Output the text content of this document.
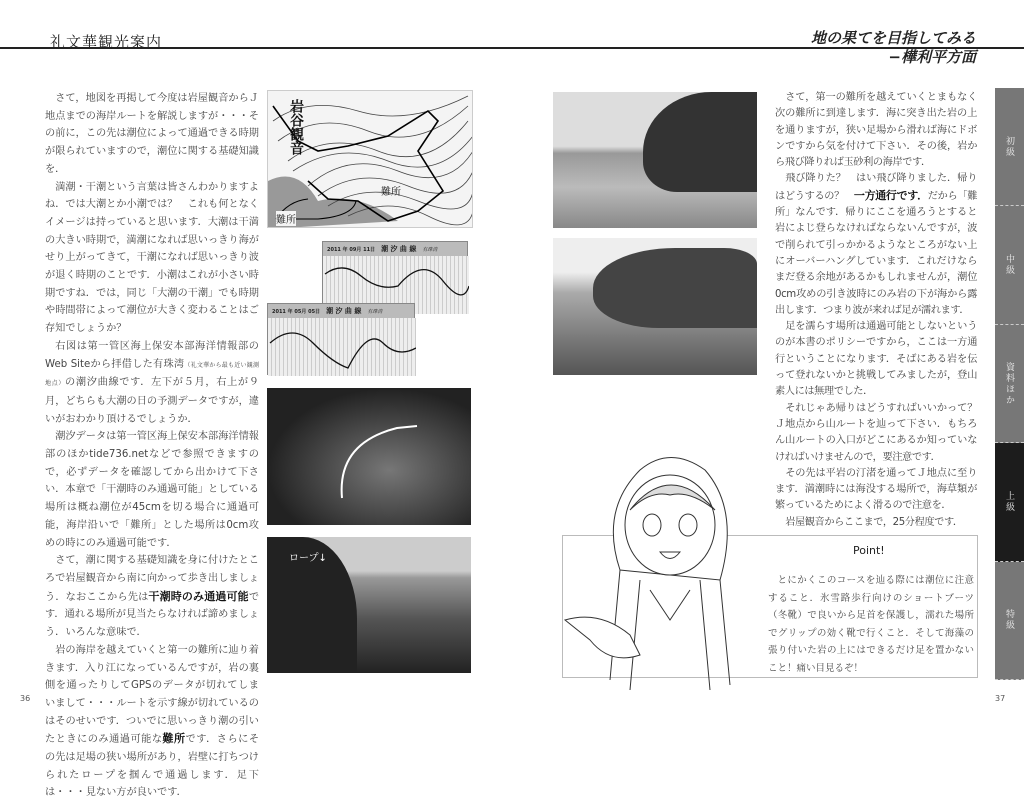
礼文華観光案内	地の果てを目指してみる
−樺利平方面

さて，地図を再掲して今度は岩屋観音からＪ地点までの海岸ルートを解説しますが・・・その前に，この先は潮位によって通過できる時期が限られていますので，潮位に関する基礎知識を．

満潮・干潮という言葉は皆さんわかりますよね．では大潮とか小潮では？　これも何となくイメージは持っていると思います．大潮は干満の大きい時期で，満潮になれば思いっきり海がせり上がってきて，干潮になれば思いっきり波が退く時期のことです．小潮はこれが小さい時期ですね．では，同じ「大潮の干潮」でも時期や時間帯によって潮位が大きく変わることはご存知でしょうか？

右図は第一管区海上保安本部海洋情報部のWeb Siteから拝借した有珠湾（礼文華から最も近い観測地点）の潮汐曲線です．左下が５月，右上が９月，どちらも大潮の日の予測データですが，違いがおわかり頂けるでしょうか．

潮汐データは第一管区海上保安本部海洋情報部のほかtide736.netなどで参照できますので，必ずデータを確認してから出かけて下さい．本章で「干潮時のみ通過可能」としている場所は概ね潮位が45cmを切る場合に通過可能，海岸沿いで「難所」とした場所は0cm攻めの時にのみ通過可能です．

さて，潮に関する基礎知識を身に付けたところで岩屋観音から南に向かって歩き出しましょう．なおここから先は干潮時のみ通過可能です．通れる場所が見当たらなければ諦めましょう．いろんな意味で．

岩の海岸を越えていくと第一の難所に辿り着きます．入り江になっているんですが，岩の裏側を通ったりしてGPSのデータが切れてしまいまして・・・ルートを示す線が切れているのはそのせいです．ついでに思いっきり潮の引いたときにのみ通過可能な難所です．さらにその先は足場の狭い場所があり，岩壁に打ちつけられたロープを掴んで通過します．足下は・・・見ない方が良いです．

さて，第一の難所を越えていくとまもなく次の難所に到達します．海に突き出た岩の上を通りますが，狭い足場から滑れば海にドボンですから気を付けて下さい．その後，岩から飛び降りれば玉砂利の海岸です．

飛び降りた？　はい飛び降りました．帰りはどうするの？　一方通行です．だから「難所」なんです．帰りにここを通ろうとすると岩によじ登らなければならないんですが，波で削られて引っかかるようなところがない上にオーバーハングしています．これだけならまだ登る余地があるかもしれませんが，潮位0cm攻めの引き波時にのみ岩の下が海から露出します．つまり波が来れば足が濡れます．

足を濡らす場所は通過可能としないというのが本書のポリシーですから，ここは一方通行ということになります．そばにある岩を伝って登れないかと挑戦してみましたが，登山素人には無理でした．

それじゃあ帰りはどうすればいいかって？　Ｊ地点から山ルートを辿って下さい．もちろん山ルートの入口がどこにあるか知っていなければいけませんので，要注意です．

その先は平岩の汀渚を通ってＪ地点に至ります．満潮時には海没する場所で，海草類が繁っているためによく滑るので注意を．

岩屋観音からここまで，25分程度です．

岩谷観音
難所
難所
2011 年 09月 11日 潮 汐 曲 線 有珠湾
2011 年 05月 05日 潮 汐 曲 線 有珠湾
ロープ↓
Point!
とにかくこのコースを辿る際には潮位に注意すること．氷雪路歩行向けのショートブーツ（冬靴）で良いから足首を保護し，濡れた場所でグリップの効く靴で行くこと．そして海藻の張り付いた岩の上にはできるだけ足を置かないこと！痛い目見るぞ！
初級
中級
資料ほか
上級
特級
36	37
